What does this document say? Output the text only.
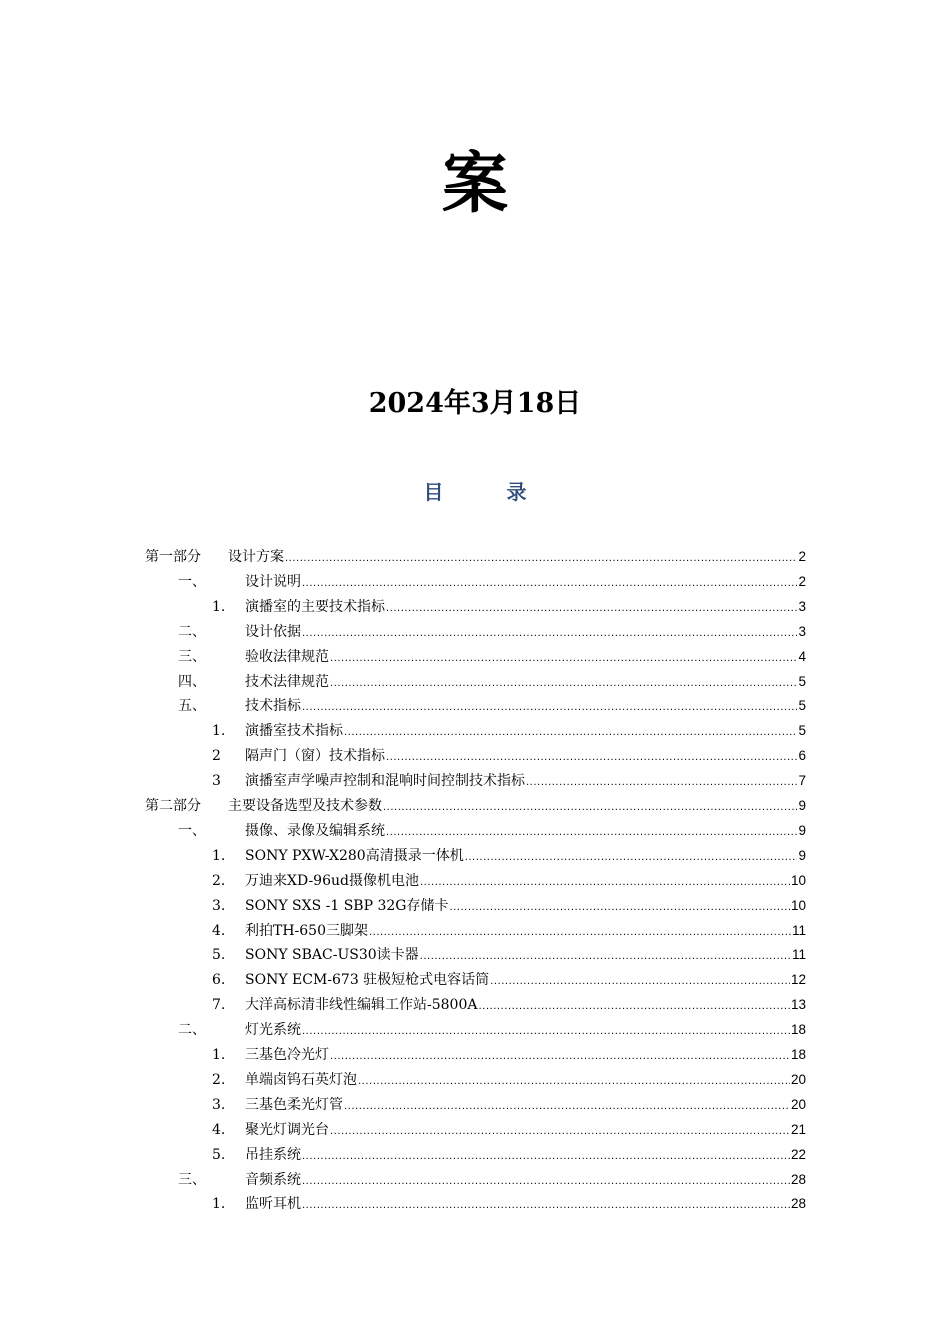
案
2024年3月18日
目 录
第一部分	设计方案 .....	2
一、	设计说明 .....	2
1.	演播室的主要技术指标 .....	3
二、	设计依据 .....	3
三、	验收法律规范 .....	4
四、	技术法律规范 .....	5
五、	技术指标 .....	5
1.	演播室技术指标 .....	5
2	隔声门（窗）技术指标 .....	6
3	演播室声学噪声控制和混响时间控制技术指标 .....	7
第二部分	主要设备选型及技术参数 .....	9
一、	摄像、录像及编辑系统 .....	9
1.	SONY PXW-X280高清摄录一体机 .....	9
2.	万迪来XD-96ud摄像机电池 .....	10
3.	SONY SXS -1 SBP 32G存储卡 .....	10
4.	利拍TH-650三脚架 .....	11
5.	SONY SBAC-US30读卡器 .....	11
6.	SONY ECM-673 驻极短枪式电容话筒 .....	12
7.	大洋高标清非线性编辑工作站-5800A .....	13
二、	灯光系统 .....	18
1.	三基色冷光灯 .....	18
2.	单端卤钨石英灯泡 .....	20
3.	三基色柔光灯管 .....	20
4.	聚光灯调光台 .....	21
5.	吊挂系统 .....	22
三、	音频系统 .....	28
1.	监听耳机 .....	28
